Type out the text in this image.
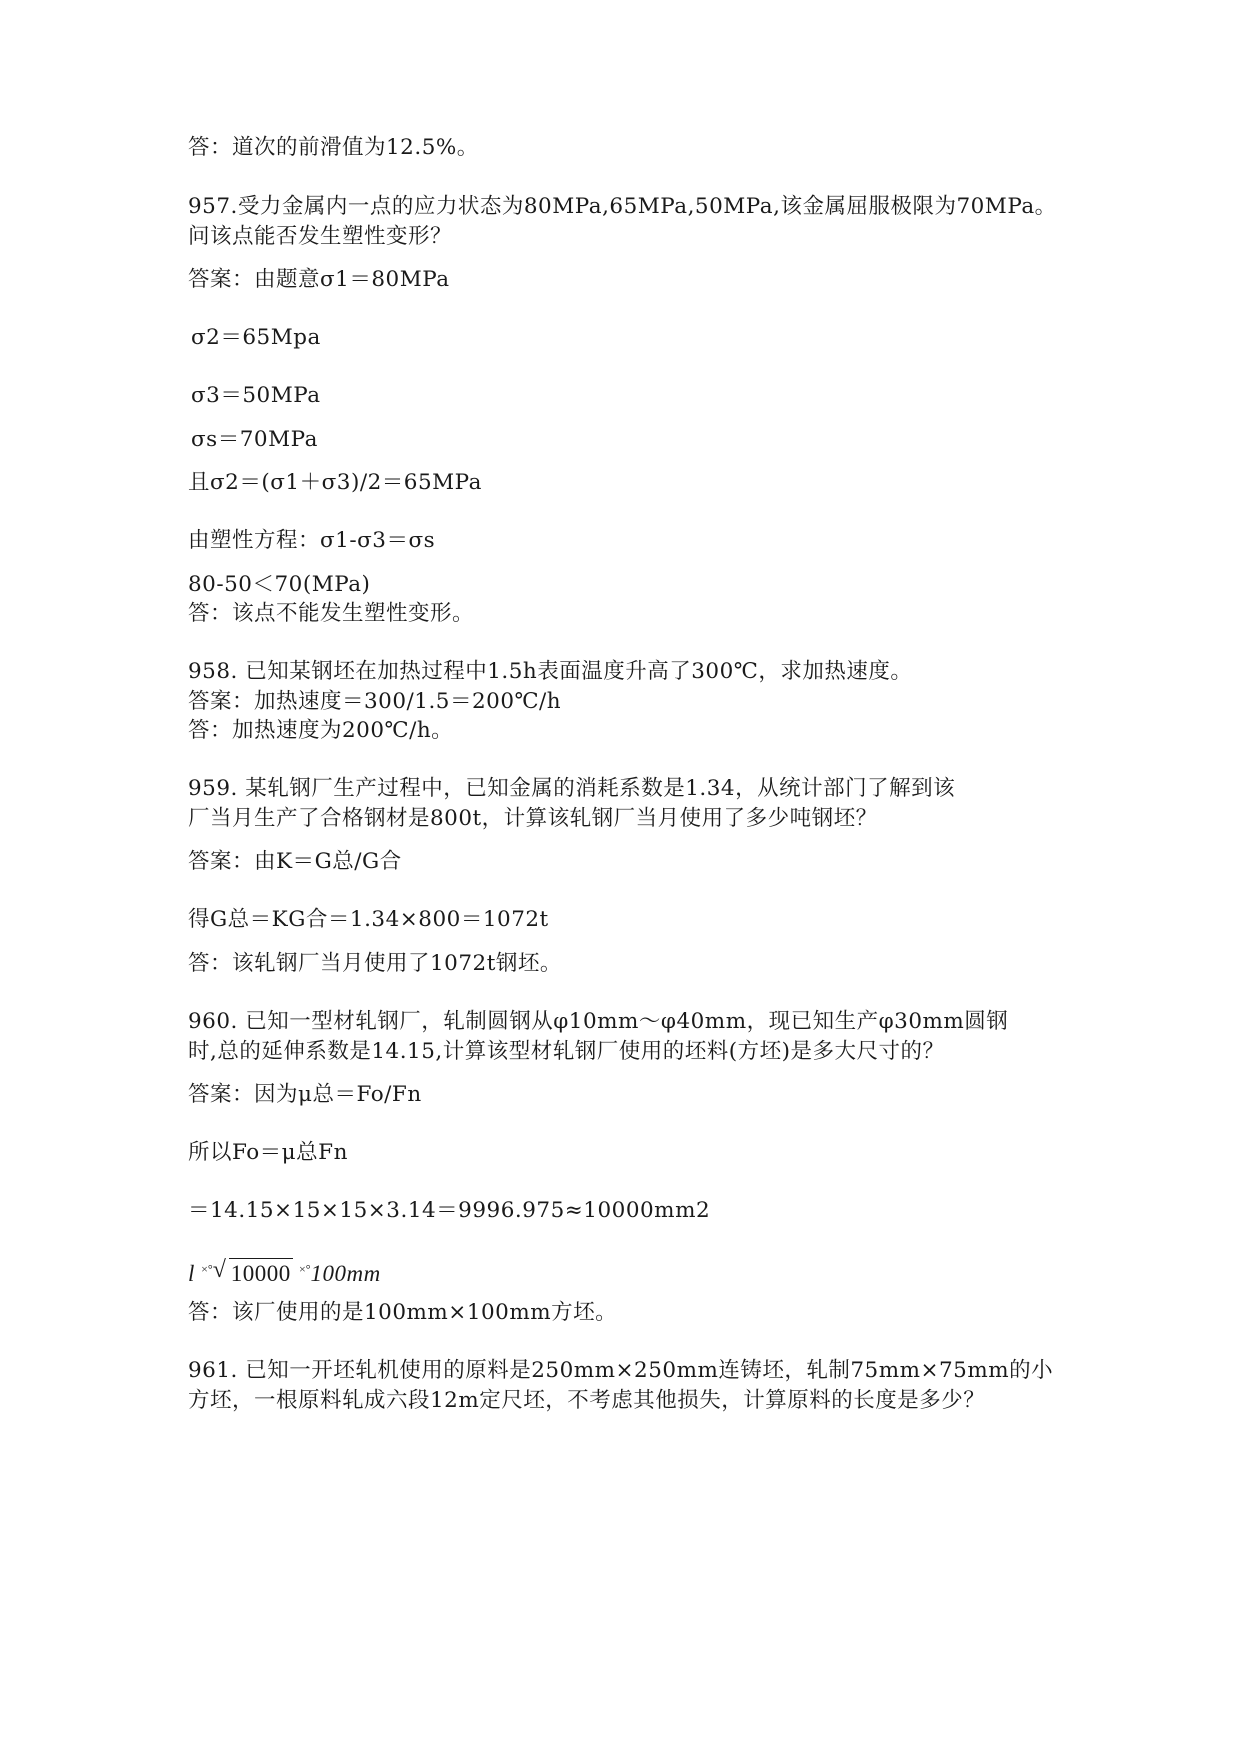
答：道次的前滑值为12.5%。
957.受力金属内一点的应力状态为80MPa,65MPa,50MPa,该金属屈服极限为70MPa。
问该点能否发生塑性变形？
答案：由题意σ1＝80MPa
σ2＝65Mpa
σ3＝50MPa
σs＝70MPa
且σ2＝(σ1＋σ3)/2＝65MPa
由塑性方程：σ1-σ3＝σs
80-50＜70(MPa)
答：该点不能发生塑性变形。
958. 已知某钢坯在加热过程中1.5h表面温度升高了300℃，求加热速度。
答案：加热速度＝300/1.5＝200℃/h
答：加热速度为200℃/h。
959. 某轧钢厂生产过程中，已知金属的消耗系数是1.34，从统计部门了解到该
厂当月生产了合格钢材是800t，计算该轧钢厂当月使用了多少吨钢坯？
答案：由K＝G总/G合
得G总＝KG合＝1.34×800＝1072t
答：该轧钢厂当月使用了1072t钢坯。
960. 已知一型材轧钢厂，轧制圆钢从φ10mm～φ40mm，现已知生产φ30mm圆钢
时,总的延伸系数是14.15,计算该型材轧钢厂使用的坯料(方坯)是多大尺寸的？
答案：因为μ总＝Fo/Fn
所以Fo＝μ总Fn
＝14.15×15×15×3.14＝9996.975≈10000mm2
l ×°√ 10000 ×°100mm
答：该厂使用的是100mm×100mm方坯。
961. 已知一开坯轧机使用的原料是250mm×250mm连铸坯，轧制75mm×75mm的小
方坯，一根原料轧成六段12m定尺坯，不考虑其他损失，计算原料的长度是多少？
